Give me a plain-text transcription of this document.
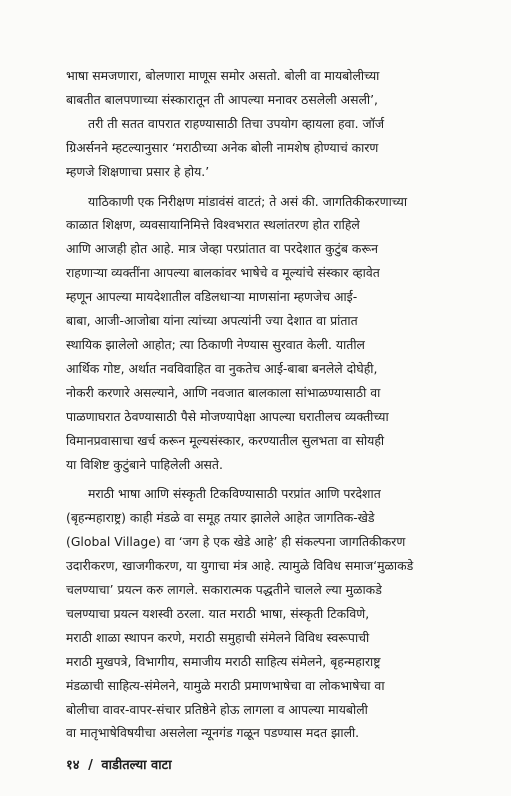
भाषा समजणारा, बोलणारा माणूस समोर असतो. बोली वा मायबोलीच्या
बाबतीत बालपणाच्या संस्कारातून ती आपल्या मनावर ठसलेली असली’,
तरी ती सतत वापरात राहण्यासाठी तिचा उपयोग व्हायला हवा. जॉर्ज
ग्रिअर्सनने म्हटल्यानुसार ‘मराठीच्या अनेक बोली नामशेष होण्याचं कारण
म्हणजे शिक्षणाचा प्रसार हे होय.’

याठिकाणी एक निरीक्षण मांडावंसं वाटतं; ते असं की. जागतिकीकरणाच्या
काळात शिक्षण, व्यवसायानिमित्ते विश्वभरात स्थलांतरण होत राहिले
आणि आजही होत आहे. मात्र जेव्हा परप्रांतात वा परदेशात कुटुंब करून
राहणाऱ्या व्यक्तींना आपल्या बालकांवर भाषेचे व मूल्यांचे संस्कार व्हावेत
म्हणून आपल्या मायदेशातील वडिलधाऱ्या माणसांना म्हणजेच आई-
बाबा, आजी-आजोबा यांना त्यांच्या अपत्यांनी ज्या देशात वा प्रांतात
स्थायिक झालेलो आहोत; त्या ठिकाणी नेण्यास सुरवात केली. यातील
आर्थिक गोष्ट, अर्थात नवविवाहित वा नुकतेच आई-बाबा बनलेले दोघेही,
नोकरी करणारे असल्याने, आणि नवजात बालकाला सांभाळण्यासाठी वा
पाळणाघरात ठेवण्यासाठी पैसे मोजण्यापेक्षा आपल्या घरातीलच व्यक्तीच्या
विमानप्रवासाचा खर्च करून मूल्यसंस्कार, करण्यातील सुलभता वा सोयही
या विशिष्ट कुटुंबाने पाहिलेली असते.

मराठी भाषा आणि संस्कृती टिकविण्यासाठी परप्रांत आणि परदेशात
(बृहन्महाराष्ट्र) काही मंडळे वा समूह तयार झालेले आहेत जागतिक-खेडे
(Global Village) वा ‘जग हे एक खेडे आहे’ ही संकल्पना जागतिकीकरण
उदारीकरण, खाजगीकरण, या युगाचा मंत्र आहे. त्यामुळे विविध समाज‘मुळाकडे
चलण्याचा’ प्रयत्न करु लागले. सकारात्मक पद्धतीने चालले ल्या मुळाकडे
चलण्याचा प्रयत्न यशस्वी ठरला. यात मराठी भाषा, संस्कृती टिकविणे,
मराठी शाळा स्थापन करणे, मराठी समुहाची संमेलने विविध स्वरूपाची
मराठी मुखपत्रे, विभागीय, समाजीय मराठी साहित्य संमेलने, बृहन्महाराष्ट्र
मंडळाची साहित्य-संमेलने, यामुळे मराठी प्रमाणभाषेचा वा लोकभाषेचा वा
बोलीचा वावर-वापर-संचार प्रतिष्ठेने होऊ लागला व आपल्या मायबोली
वा मातृभाषेविषयीचा असलेला न्यूनगंड गळून पडण्यास मदत झाली.

१४ / वाडीतल्या वाटा
